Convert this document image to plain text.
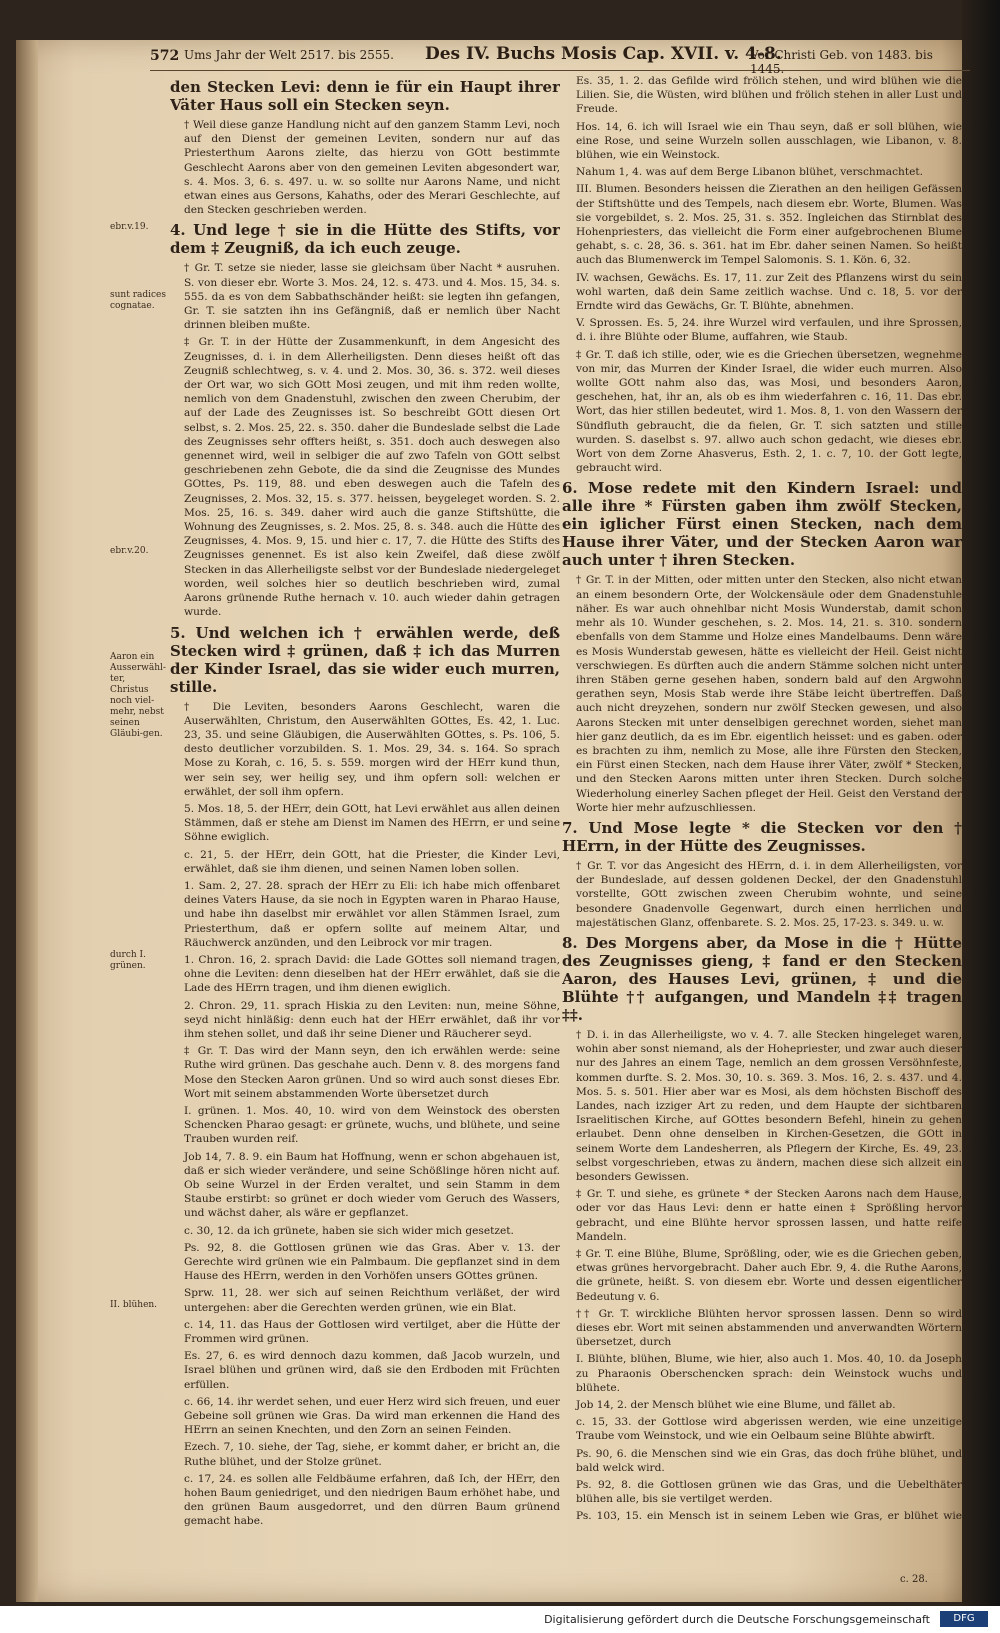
572 Ums Jahr der Welt 2517. bis 2555. Des IV. Buchs Mosis Cap. XVII. v. 4-8.
Vor Christi Geb. von 1483. bis 1445.
ebr.v.19.
sunt radices cognatae.
ebr.v.20.
Aaron ein Ausserwähl-ter, Christus noch viel-mehr, nebst seinen Gläubi-gen.
durch I. grünen.
II. blühen.

den Stecken Levi: denn ie für ein Haupt ihrer Väter Haus soll ein Stecken seyn.

† Weil diese ganze Handlung nicht auf den ganzem Stamm Levi, noch auf den Dienst der gemeinen Leviten, sondern nur auf das Priesterthum Aarons zielte, das hierzu von GOtt bestimmte Geschlecht Aarons aber von den gemeinen Leviten abgesondert war, s. 4. Mos. 3, 6. s. 497. u. w. so sollte nur Aarons Name, und nicht etwan eines aus Gersons, Kahaths, oder des Merari Geschlechte, auf den Stecken geschrieben werden.

4. Und lege † sie in die Hütte des Stifts, vor dem ‡ Zeugniß, da ich euch zeuge.

† Gr. T. setze sie nieder, lasse sie gleichsam über Nacht * ausruhen. S. von dieser ebr. Worte 3. Mos. 24, 12. s. 473. und 4. Mos. 15, 34. s. 555. da es von dem Sabbathschänder heißt: sie legten ihn gefangen, Gr. T. sie satzten ihn ins Gefängniß, daß er nemlich über Nacht drinnen bleiben mußte.

‡ Gr. T. in der Hütte der Zusammenkunft, in dem Angesicht des Zeugnisses, d. i. in dem Allerheiligsten. Denn dieses heißt oft das Zeugniß schlechtweg, s. v. 4. und 2. Mos. 30, 36. s. 372. weil dieses der Ort war, wo sich GOtt Mosi zeugen, und mit ihm reden wollte, nemlich von dem Gnadenstuhl, zwischen den zween Cherubim, der auf der Lade des Zeugnisses ist. So beschreibt GOtt diesen Ort selbst, s. 2. Mos. 25, 22. s. 350. daher die Bundeslade selbst die Lade des Zeugnisses sehr offters heißt, s. 351. doch auch deswegen also genennet wird, weil in selbiger die auf zwo Tafeln von GOtt selbst geschriebenen zehn Gebote, die da sind die Zeugnisse des Mundes GOttes, Ps. 119, 88. und eben deswegen auch die Tafeln des Zeugnisses, 2. Mos. 32, 15. s. 377. heissen, beygeleget worden. S. 2. Mos. 25, 16. s. 349. daher wird auch die ganze Stiftshütte, die Wohnung des Zeugnisses, s. 2. Mos. 25, 8. s. 348. auch die Hütte des Zeugnisses, 4. Mos. 9, 15. und hier c. 17, 7. die Hütte des Stifts des Zeugnisses genennet. Es ist also kein Zweifel, daß diese zwölf Stecken in das Allerheiligste selbst vor der Bundeslade niedergeleget worden, weil solches hier so deutlich beschrieben wird, zumal Aarons grünende Ruthe hernach v. 10. auch wieder dahin getragen wurde.

5. Und welchen ich † erwählen werde, deß Stecken wird ‡ grünen, daß ‡ ich das Murren der Kinder Israel, das sie wider euch murren, stille.

† Die Leviten, besonders Aarons Geschlecht, waren die Auserwählten, Christum, den Auserwählten GOttes, Es. 42, 1. Luc. 23, 35. und seine Gläubigen, die Auserwählten GOttes, s. Ps. 106, 5. desto deutlicher vorzubilden. S. 1. Mos. 29, 34. s. 164. So sprach Mose zu Korah, c. 16, 5. s. 559. morgen wird der HErr kund thun, wer sein sey, wer heilig sey, und ihm opfern soll: welchen er erwählet, der soll ihm opfern.

5. Mos. 18, 5. der HErr, dein GOtt, hat Levi erwählet aus allen deinen Stämmen, daß er stehe am Dienst im Namen des HErrn, er und seine Söhne ewiglich.

c. 21, 5. der HErr, dein GOtt, hat die Priester, die Kinder Levi, erwählet, daß sie ihm dienen, und seinen Namen loben sollen.

1. Sam. 2, 27. 28. sprach der HErr zu Eli: ich habe mich offenbaret deines Vaters Hause, da sie noch in Egypten waren in Pharao Hause, und habe ihn daselbst mir erwählet vor allen Stämmen Israel, zum Priesterthum, daß er opfern sollte auf meinem Altar, und Räuchwerck anzünden, und den Leibrock vor mir tragen.

1. Chron. 16, 2. sprach David: die Lade GOttes soll niemand tragen, ohne die Leviten: denn dieselben hat der HErr erwählet, daß sie die Lade des HErrn tragen, und ihm dienen ewiglich.

2. Chron. 29, 11. sprach Hiskia zu den Leviten: nun, meine Söhne, seyd nicht hinläßig: denn euch hat der HErr erwählet, daß ihr vor ihm stehen sollet, und daß ihr seine Diener und Räucherer seyd.

‡ Gr. T. Das wird der Mann seyn, den ich erwählen werde: seine Ruthe wird grünen. Das geschahe auch. Denn v. 8. des morgens fand Mose den Stecken Aaron grünen. Und so wird auch sonst dieses Ebr. Wort mit seinem abstammenden Worte übersetzet durch

I. grünen. 1. Mos. 40, 10. wird von dem Weinstock des obersten Schencken Pharao gesagt: er grünete, wuchs, und blühete, und seine Trauben wurden reif.

Job 14, 7. 8. 9. ein Baum hat Hoffnung, wenn er schon abgehauen ist, daß er sich wieder verändere, und seine Schößlinge hören nicht auf. Ob seine Wurzel in der Erden veraltet, und sein Stamm in dem Staube erstirbt: so grünet er doch wieder vom Geruch des Wassers, und wächst daher, als wäre er gepflanzet.

c. 30, 12. da ich grünete, haben sie sich wider mich gesetzet.

Ps. 92, 8. die Gottlosen grünen wie das Gras. Aber v. 13. der Gerechte wird grünen wie ein Palmbaum. Die gepflanzet sind in dem Hause des HErrn, werden in den Vorhöfen unsers GOttes grünen.

Sprw. 11, 28. wer sich auf seinen Reichthum verläßet, der wird untergehen: aber die Gerechten werden grünen, wie ein Blat.

c. 14, 11. das Haus der Gottlosen wird vertilget, aber die Hütte der Frommen wird grünen.

Es. 27, 6. es wird dennoch dazu kommen, daß Jacob wurzeln, und Israel blühen und grünen wird, daß sie den Erdboden mit Früchten erfüllen.

c. 66, 14. ihr werdet sehen, und euer Herz wird sich freuen, und euer Gebeine soll grünen wie Gras. Da wird man erkennen die Hand des HErrn an seinen Knechten, und den Zorn an seinen Feinden.

Ezech. 7, 10. siehe, der Tag, siehe, er kommt daher, er bricht an, die Ruthe blühet, und der Stolze grünet.

c. 17, 24. es sollen alle Feldbäume erfahren, daß Ich, der HErr, den hohen Baum geniedriget, und den niedrigen Baum erhöhet habe, und den grünen Baum ausgedorret, und den dürren Baum grünend gemacht habe.

Es. 35, 1. 2. das Gefilde wird frölich stehen, und wird blühen wie die Lilien. Sie, die Wüsten, wird blühen und frölich stehen in aller Lust und Freude.

Hos. 14, 6. ich will Israel wie ein Thau seyn, daß er soll blühen, wie eine Rose, und seine Wurzeln sollen ausschlagen, wie Libanon, v. 8. blühen, wie ein Weinstock.

Nahum 1, 4. was auf dem Berge Libanon blühet, verschmachtet.

III. Blumen. Besonders heissen die Zierathen an den heiligen Gefässen der Stiftshütte und des Tempels, nach diesem ebr. Worte, Blumen. Was sie vorgebildet, s. 2. Mos. 25, 31. s. 352. Ingleichen das Stirnblat des Hohenpriesters, das vielleicht die Form einer aufgebrochenen Blume gehabt, s. c. 28, 36. s. 361. hat im Ebr. daher seinen Namen. So heißt auch das Blumenwerck im Tempel Salomonis. S. 1. Kön. 6, 32.

IV. wachsen, Gewächs. Es. 17, 11. zur Zeit des Pflanzens wirst du sein wohl warten, daß dein Same zeitlich wachse. Und c. 18, 5. vor der Erndte wird das Gewächs, Gr. T. Blühte, abnehmen.

V. Sprossen. Es. 5, 24. ihre Wurzel wird verfaulen, und ihre Sprossen, d. i. ihre Blühte oder Blume, auffahren, wie Staub.

‡ Gr. T. daß ich stille, oder, wie es die Griechen übersetzen, wegnehme von mir, das Murren der Kinder Israel, die wider euch murren. Also wollte GOtt nahm also das, was Mosi, und besonders Aaron, geschehen, hat, ihr an, als ob es ihm wiederfahren c. 16, 11. Das ebr. Wort, das hier stillen bedeutet, wird 1. Mos. 8, 1. von den Wassern der Sündfluth gebraucht, die da fielen, Gr. T. sich satzten und stille wurden. S. daselbst s. 97. allwo auch schon gedacht, wie dieses ebr. Wort von dem Zorne Ahasverus, Esth. 2, 1. c. 7, 10. der Gott legte, gebraucht wird.

6. Mose redete mit den Kindern Israel: und alle ihre * Fürsten gaben ihm zwölf Stecken, ein iglicher Fürst einen Stecken, nach dem Hause ihrer Väter, und der Stecken Aaron war auch unter † ihren Stecken.

† Gr. T. in der Mitten, oder mitten unter den Stecken, also nicht etwan an einem besondern Orte, der Wolckensäule oder dem Gnadenstuhle näher. Es war auch ohnehlbar nicht Mosis Wunderstab, damit schon mehr als 10. Wunder geschehen, s. 2. Mos. 14, 21. s. 310. sondern ebenfalls von dem Stamme und Holze eines Mandelbaums. Denn wäre es Mosis Wunderstab gewesen, hätte es vielleicht der Heil. Geist nicht verschwiegen. Es dürften auch die andern Stämme solchen nicht unter ihren Stäben gerne gesehen haben, sondern bald auf den Argwohn gerathen seyn, Mosis Stab werde ihre Stäbe leicht übertreffen. Daß auch nicht dreyzehen, sondern nur zwölf Stecken gewesen, und also Aarons Stecken mit unter denselbigen gerechnet worden, siehet man hier ganz deutlich, da es im Ebr. eigentlich heisset: und es gaben. oder es brachten zu ihm, nemlich zu Mose, alle ihre Fürsten den Stecken, ein Fürst einen Stecken, nach dem Hause ihrer Väter, zwölf * Stecken, und den Stecken Aarons mitten unter ihren Stecken. Durch solche Wiederholung einerley Sachen pfleget der Heil. Geist den Verstand der Worte hier mehr aufzuschliessen.

7. Und Mose legte * die Stecken vor den † HErrn, in der Hütte des Zeugnisses.

† Gr. T. vor das Angesicht des HErrn, d. i. in dem Allerheiligsten, vor der Bundeslade, auf dessen goldenen Deckel, der den Gnadenstuhl vorstellte, GOtt zwischen zween Cherubim wohnte, und seine besondere Gnadenvolle Gegenwart, durch einen herrlichen und majestätischen Glanz, offenbarete. S. 2. Mos. 25, 17-23. s. 349. u. w.

8. Des Morgens aber, da Mose in die † Hütte des Zeugnisses gieng, ‡ fand er den Stecken Aaron, des Hauses Levi, grünen, ‡ und die Blühte †† aufgangen, und Mandeln ‡‡ tragen ‡‡.

† D. i. in das Allerheiligste, wo v. 4. 7. alle Stecken hingeleget waren, wohin aber sonst niemand, als der Hohepriester, und zwar auch dieser nur des Jahres an einem Tage, nemlich an dem grossen Versöhnfeste, kommen durfte. S. 2. Mos. 30, 10. s. 369. 3. Mos. 16, 2. s. 437. und 4. Mos. 5. s. 501. Hier aber war es Mosi, als dem höchsten Bischoff des Landes, nach izziger Art zu reden, und dem Haupte der sichtbaren Israelitischen Kirche, auf GOttes besondern Befehl, hinein zu gehen erlaubet. Denn ohne denselben in Kirchen-Gesetzen, die GOtt in seinem Worte dem Landesherren, als Pflegern der Kirche, Es. 49, 23. selbst vorgeschrieben, etwas zu ändern, machen diese sich allzeit ein besonders Gewissen.

‡ Gr. T. und siehe, es grünete * der Stecken Aarons nach dem Hause, oder vor das Haus Levi: denn er hatte einen ‡ Sprößling hervor gebracht, und eine Blühte hervor sprossen lassen, und hatte reife Mandeln.

‡ Gr. T. eine Blühe, Blume, Sprößling, oder, wie es die Griechen geben, etwas grünes hervorgebracht. Daher auch Ebr. 9, 4. die Ruthe Aarons, die grünete, heißt. S. von diesem ebr. Worte und dessen eigentlicher Bedeutung v. 6.

†† Gr. T. wirckliche Blühten hervor sprossen lassen. Denn so wird dieses ebr. Wort mit seinen abstammenden und anverwandten Wörtern übersetzet, durch

I. Blühte, blühen, Blume, wie hier, also auch 1. Mos. 40, 10. da Joseph zu Pharaonis Oberschencken sprach: dein Weinstock wuchs und blühete.

Job 14, 2. der Mensch blühet wie eine Blume, und fället ab.

c. 15, 33. der Gottlose wird abgerissen werden, wie eine unzeitige Traube vom Weinstock, und wie ein Oelbaum seine Blühte abwirft.

Ps. 90, 6. die Menschen sind wie ein Gras, das doch frühe blühet, und bald welck wird.

Ps. 92, 8. die Gottlosen grünen wie das Gras, und die Uebelthäter blühen alle, bis sie vertilget werden.

Ps. 103, 15. ein Mensch ist in seinem Leben wie Gras, er blühet wie

c. 28.
Digitalisierung gefördert durch die Deutsche Forschungsgemeinschaft	DFG
